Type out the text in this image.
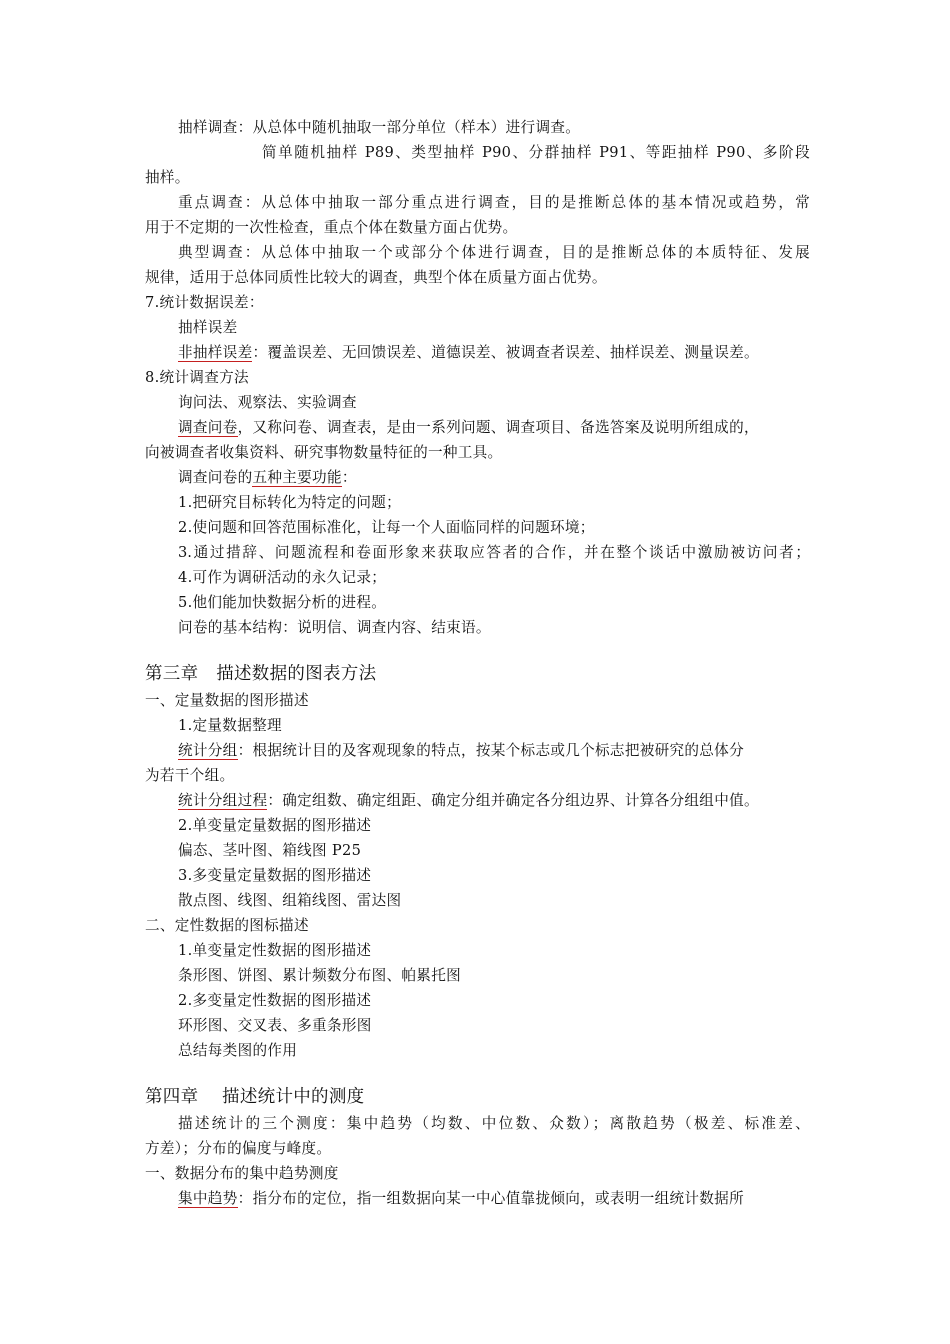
抽样调查：从总体中随机抽取一部分单位（样本）进行调查。
简单随机抽样 P89、类型抽样 P90、分群抽样 P91、等距抽样 P90、多阶段
抽样。
重点调查：从总体中抽取一部分重点进行调查，目的是推断总体的基本情况或趋势，常
用于不定期的一次性检查，重点个体在数量方面占优势。
典型调查：从总体中抽取一个或部分个体进行调查，目的是推断总体的本质特征、发展
规律，适用于总体同质性比较大的调查，典型个体在质量方面占优势。
7.统计数据误差：
抽样误差
非抽样误差：覆盖误差、无回馈误差、道德误差、被调查者误差、抽样误差、测量误差。
8.统计调查方法
询问法、观察法、实验调查
调查问卷，又称问卷、调查表，是由一系列问题、调查项目、备选答案及说明所组成的，
向被调查者收集资料、研究事物数量特征的一种工具。
调查问卷的五种主要功能：
1.把研究目标转化为特定的问题；
2.使问题和回答范围标准化，让每一个人面临同样的问题环境；
3.通过措辞、问题流程和卷面形象来获取应答者的合作，并在整个谈话中激励被访问者；
4.可作为调研活动的永久记录；
5.他们能加快数据分析的进程。
问卷的基本结构：说明信、调查内容、结束语。
第三章　描述数据的图表方法
一、定量数据的图形描述
1.定量数据整理
统计分组：根据统计目的及客观现象的特点，按某个标志或几个标志把被研究的总体分
为若干个组。
统计分组过程：确定组数、确定组距、确定分组并确定各分组边界、计算各分组组中值。
2.单变量定量数据的图形描述
偏态、茎叶图、箱线图 P25
3.多变量定量数据的图形描述
散点图、线图、组箱线图、雷达图
二、定性数据的图标描述
1.单变量定性数据的图形描述
条形图、饼图、累计频数分布图、帕累托图
2.多变量定性数据的图形描述
环形图、交叉表、多重条形图
总结每类图的作用
第四章　 描述统计中的测度
描述统计的三个测度：集中趋势（均数、中位数、众数）；离散趋势（极差、标准差、
方差）；分布的偏度与峰度。
一、数据分布的集中趋势测度
集中趋势：指分布的定位，指一组数据向某一中心值靠拢倾向，或表明一组统计数据所
